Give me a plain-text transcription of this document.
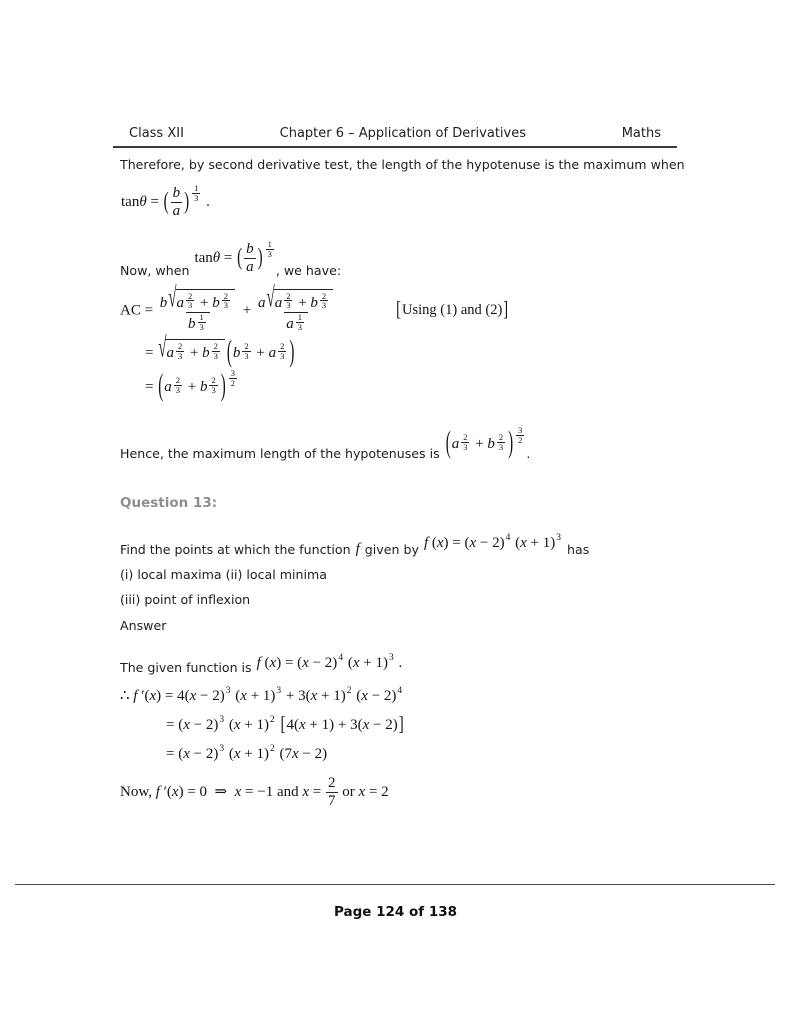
Class XII	Chapter 6 – Application of Derivatives	Maths
Therefore, by second derivative test, the length of the hypotenuse is the maximum when
tanθ = ( $\frac{b}{a}$ ) $\frac{1}{3}$ .
Now, when
tanθ = ( $\frac{b}{a}$ ) $\frac{1}{3}$
, we have:
AC = $\frac{b √ a \frac{2}{3} + b \frac{2}{3}}{b \frac{1}{3}} + \frac{a √ a \frac{2}{3} + b \frac{2}{3}}{a \frac{1}{3}}$	[Using (1) and (2)]
= √ a $\frac{2}{3} + b \frac{2}{3} (b \frac{2}{3} + a \frac{2}{3}$ )
= ($a \frac{2}{3} + b \frac{2}{3}$ ) $\frac{3}{2}$
Hence, the maximum length of the hypotenuses is ($a \frac{2}{3} + b \frac{2}{3}$ ) $\frac{3}{2}$
.
Question 13:
Find the points at which the function f given by f $(x) = (x - 2)^4$ $(x + 1)^3$
has
(i) local maxima (ii) local minima
(iii) point of inflexion
Answer
The given function is f $(x) = (x - 2)^4$ $(x + 1)^3$ .
∴ f $'(x) = 4(x - 2)^3$ $(x + 1)^3 + 3(x + 1)^2$ $(x - 2)^4$
= $(x - 2)^3$ $(x + 1)^2$ [4(x + 1) + 3(x − 2)]
= $(x - 2)^3$ $(x + 1)^2$ (7x − 2)
Now, f ′(x) = 0  ⇒  x = −1 and $x = \frac{2}{7}$ or x = 2
Page 124 of 138
